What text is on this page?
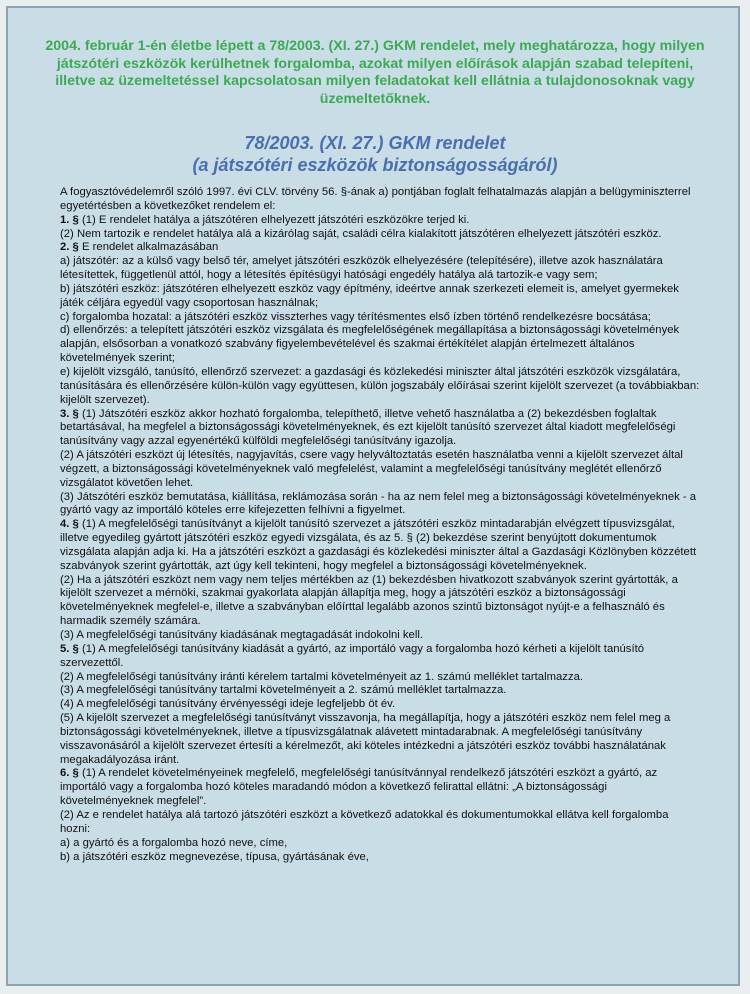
2004. február 1-én életbe lépett a 78/2003. (XI. 27.) GKM rendelet, mely meghatározza, hogy milyen játszótéri eszközök kerülhetnek forgalomba, azokat milyen előírások alapján szabad telepíteni, illetve az üzemeltetéssel kapcsolatosan milyen feladatokat kell ellátnia a tulajdonosoknak vagy üzemeltetőknek.
78/2003. (XI. 27.) GKM rendelet
(a játszótéri eszközök biztonságosságáról)

A fogyasztóvédelemről szóló 1997. évi CLV. törvény 56. §-ának a) pontjában foglalt felhatalmazás alapján a belügyminiszterrel egyetértésben a következőket rendelem el:

1. § (1) E rendelet hatálya a játszótéren elhelyezett játszótéri eszközökre terjed ki.

(2) Nem tartozik e rendelet hatálya alá a kizárólag saját, családi célra kialakított játszótéren elhelyezett játszótéri eszköz.

2. § E rendelet alkalmazásában

a) játszótér: az a külső vagy belső tér, amelyet játszótéri eszközök elhelyezésére (telepítésére), illetve azok használatára létesítettek, függetlenül attól, hogy a létesítés építésügyi hatósági engedély hatálya alá tartozik-e vagy sem;

b) játszótéri eszköz: játszótéren elhelyezett eszköz vagy építmény, ideértve annak szerkezeti elemeit is, amelyet gyermekek játék céljára egyedül vagy csoportosan használnak;

c) forgalomba hozatal: a játszótéri eszköz visszterhes vagy térítésmentes első ízben történő rendelkezésre bocsátása;

d) ellenőrzés: a telepített játszótéri eszköz vizsgálata és megfelelőségének megállapítása a biztonságossági követelmények alapján, elsősorban a vonatkozó szabvány figyelembevételével és szakmai értékítélet alapján értelmezett általános követelmények szerint;

e) kijelölt vizsgáló, tanúsító, ellenőrző szervezet: a gazdasági és közlekedési miniszter által játszótéri eszközök vizsgálatára, tanúsítására és ellenőrzésére külön-külön vagy együttesen, külön jogszabály előírásai szerint kijelölt szervezet (a továbbiakban: kijelölt szervezet).

3. § (1) Játszótéri eszköz akkor hozható forgalomba, telepíthető, illetve vehető használatba a (2) bekezdésben foglaltak betartásával, ha megfelel a biztonságossági követelményeknek, és ezt kijelölt tanúsító szervezet által kiadott megfelelőségi tanúsítvány vagy azzal egyenértékű külföldi megfelelőségi tanúsítvány igazolja.

(2) A játszótéri eszközt új létesítés, nagyjavítás, csere vagy helyváltoztatás esetén használatba venni a kijelölt szervezet által végzett, a biztonságossági követelményeknek való megfelelést, valamint a megfelelőségi tanúsítvány meglétét ellenőrző vizsgálatot követően lehet.

(3) Játszótéri eszköz bemutatása, kiállítása, reklámozása során - ha az nem felel meg a biztonságossági követelményeknek - a gyártó vagy az importáló köteles erre kifejezetten felhívni a figyelmet.

4. § (1) A megfelelőségi tanúsítványt a kijelölt tanúsító szervezet a játszótéri eszköz mintadarabján elvégzett típusvizsgálat, illetve egyedileg gyártott játszótéri eszköz egyedi vizsgálata, és az 5. § (2) bekezdése szerint benyújtott dokumentumok vizsgálata alapján adja ki. Ha a játszótéri eszközt a gazdasági és közlekedési miniszter által a Gazdasági Közlönyben közzétett szabványok szerint gyártották, azt úgy kell tekinteni, hogy megfelel a biztonságossági követelményeknek.

(2) Ha a játszótéri eszközt nem vagy nem teljes mértékben az (1) bekezdésben hivatkozott szabványok szerint gyártották, a kijelölt szervezet a mérnöki, szakmai gyakorlata alapján állapítja meg, hogy a játszótéri eszköz a biztonságossági követelményeknek megfelel-e, illetve a szabványban előírttal legalább azonos szintű biztonságot nyújt-e a felhasználó és harmadik személy számára.

(3) A megfelelőségi tanúsítvány kiadásának megtagadását indokolni kell.

5. § (1) A megfelelőségi tanúsítvány kiadását a gyártó, az importáló vagy a forgalomba hozó kérheti a kijelölt tanúsító szervezettől.

(2) A megfelelőségi tanúsítvány iránti kérelem tartalmi követelményeit az 1. számú melléklet tartalmazza.

(3) A megfelelőségi tanúsítvány tartalmi követelményeit a 2. számú melléklet tartalmazza.

(4) A megfelelőségi tanúsítvány érvényességi ideje legfeljebb öt év.

(5) A kijelölt szervezet a megfelelőségi tanúsítványt visszavonja, ha megállapítja, hogy a játszótéri eszköz nem felel meg a biztonságossági követelményeknek, illetve a típusvizsgálatnak alávetett mintadarabnak. A megfelelőségi tanúsítvány visszavonásáról a kijelölt szervezet értesíti a kérelmezőt, aki köteles intézkedni a játszótéri eszköz további használatának megakadályozása iránt.

6. § (1) A rendelet követelményeinek megfelelő, megfelelőségi tanúsítvánnyal rendelkező játszótéri eszközt a gyártó, az importáló vagy a forgalomba hozó köteles maradandó módon a következő felirattal ellátni: „A biztonságossági követelményeknek megfelel”.

(2) Az e rendelet hatálya alá tartozó játszótéri eszközt a következő adatokkal és dokumentumokkal ellátva kell forgalomba hozni:

a) a gyártó és a forgalomba hozó neve, címe,

b) a játszótéri eszköz megnevezése, típusa, gyártásának éve,
